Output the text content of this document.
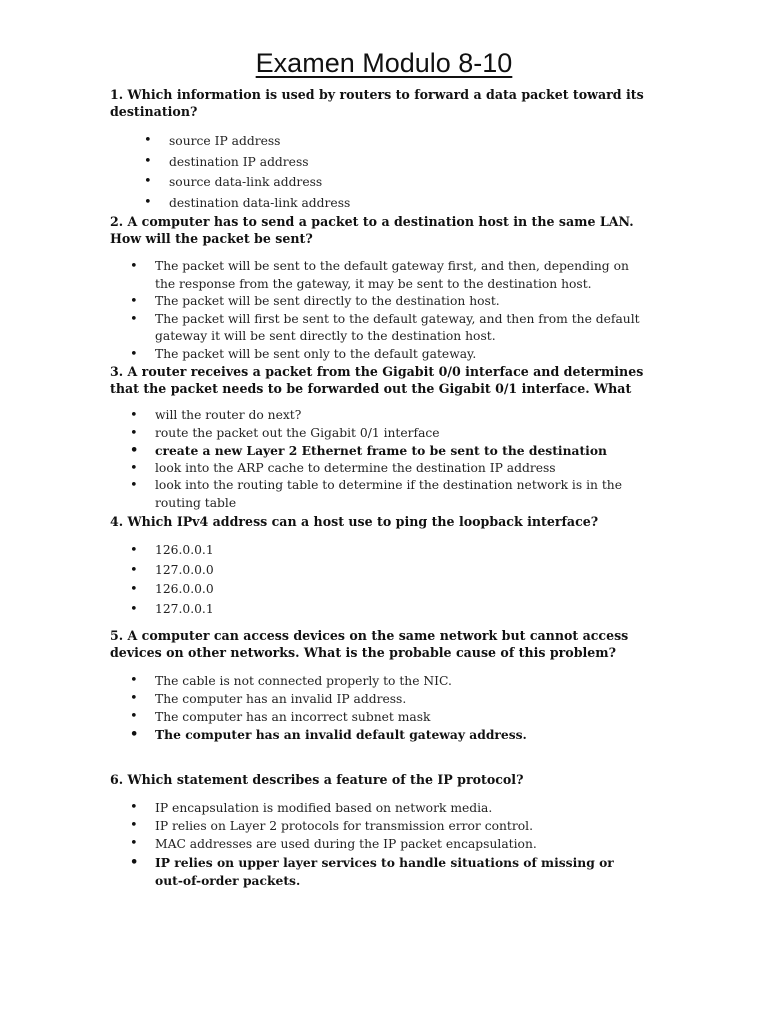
Examen Modulo 8-10

1. Which information is used by routers to forward a data packet toward its destination?

• source IP address
• destination IP address
• source data-link address
• destination data-link address

2. A computer has to send a packet to a destination host in the same LAN. How will the packet be sent?

• The packet will be sent to the default gateway first, and then, depending on the response from the gateway, it may be sent to the destination host.
• The packet will be sent directly to the destination host.
• The packet will first be sent to the default gateway, and then from the default gateway it will be sent directly to the destination host.
• The packet will be sent only to the default gateway.

3. A router receives a packet from the Gigabit 0/0 interface and determines that the packet needs to be forwarded out the Gigabit 0/1 interface. What

• will the router do next?
• route the packet out the Gigabit 0/1 interface
• create a new Layer 2 Ethernet frame to be sent to the destination
• look into the ARP cache to determine the destination IP address
• look into the routing table to determine if the destination network is in the routing table

4. Which IPv4 address can a host use to ping the loopback interface?

• 126.0.0.1
• 127.0.0.0
• 126.0.0.0
• 127.0.0.1

5. A computer can access devices on the same network but cannot access devices on other networks. What is the probable cause of this problem?

• The cable is not connected properly to the NIC.
• The computer has an invalid IP address.
• The computer has an incorrect subnet mask
• The computer has an invalid default gateway address.

6. Which statement describes a feature of the IP protocol?

• IP encapsulation is modified based on network media.
• IP relies on Layer 2 protocols for transmission error control.
• MAC addresses are used during the IP packet encapsulation.
• IP relies on upper layer services to handle situations of missing or out-of-order packets.
